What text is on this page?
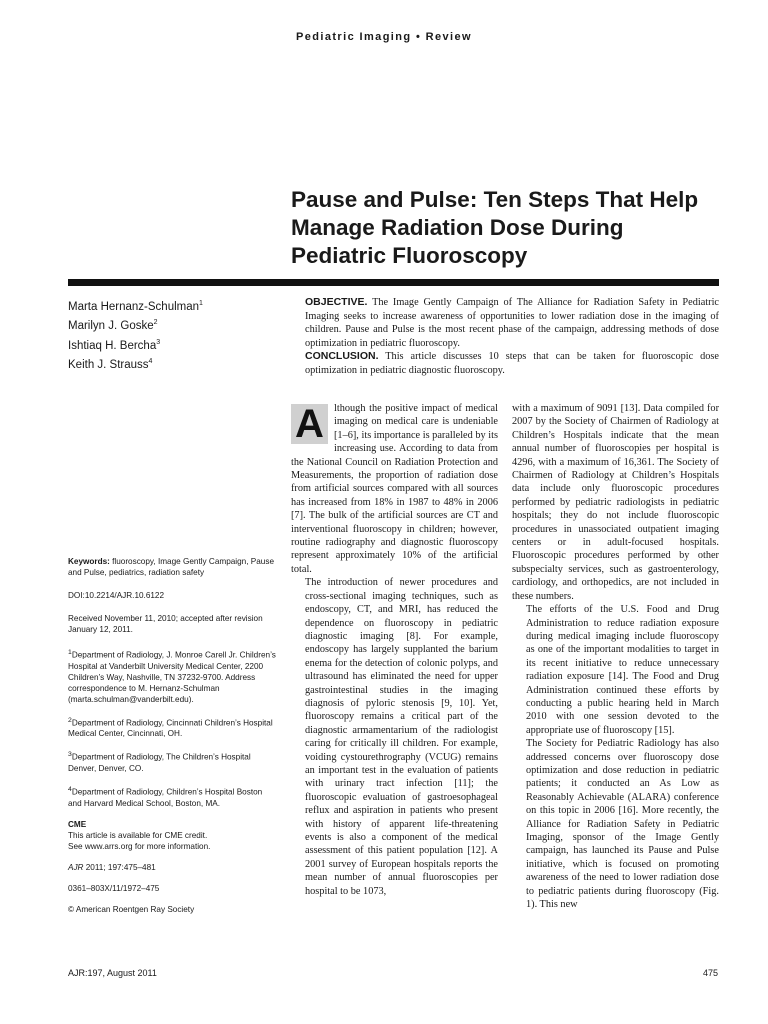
Pediatric Imaging • Review
Pause and Pulse: Ten Steps That Help Manage Radiation Dose During Pediatric Fluoroscopy
Marta Hernanz-Schulman$^1$
Marilyn J. Goske$^2$
Ishtiaq H. Bercha$^3$
Keith J. Strauss$^4$

OBJECTIVE. The Image Gently Campaign of The Alliance for Radiation Safety in Pediatric Imaging seeks to increase awareness of opportunities to lower radiation dose in the imaging of children. Pause and Pulse is the most recent phase of the campaign, addressing methods of dose optimization in pediatric fluoroscopy.

CONCLUSION. This article discusses 10 steps that can be taken for fluoroscopic dose optimization in pediatric diagnostic fluoroscopy.

Keywords: fluoroscopy, Image Gently Campaign, Pause and Pulse, pediatrics, radiation safety

DOI:10.2214/AJR.10.6122

Received November 11, 2010; accepted after revision January 12, 2011.

$^1$Department of Radiology, J. Monroe Carell Jr. Children’s Hospital at Vanderbilt University Medical Center, 2200 Children’s Way, Nashville, TN 37232-9700. Address correspondence to M. Hernanz-Schulman (marta.schulman@vanderbilt.edu).

$^2$Department of Radiology, Cincinnati Children’s Hospital Medical Center, Cincinnati, OH.

$^3$Department of Radiology, The Children’s Hospital Denver, Denver, CO.

$^4$Department of Radiology, Children’s Hospital Boston and Harvard Medical School, Boston, MA.

CME

This article is available for CME credit.

See www.arrs.org for more information.

AJR 2011; 197:475–481

0361–803X/11/1972–475

© American Roentgen Ray Society

A lthough the positive impact of medical imaging on medical care is undeniable [1–6], its importance is paralleled by its increasing use. According to data from the National Council on Radiation Protection and Measurements, the proportion of radiation dose from artificial sources compared with all sources has increased from 18% in 1987 to 48% in 2006 [7]. The bulk of the artificial sources are CT and interventional fluoroscopy in children; however, routine radiography and diagnostic fluoroscopy represent approximately 10% of the artificial total.

The introduction of newer procedures and cross-sectional imaging techniques, such as endoscopy, CT, and MRI, has reduced the dependence on fluoroscopy in pediatric diagnostic imaging [8]. For example, endoscopy has largely supplanted the barium enema for the detection of colonic polyps, and ultrasound has eliminated the need for upper gastrointestinal studies in the imaging diagnosis of pyloric stenosis [9, 10]. Yet, fluoroscopy remains a critical part of the diagnostic armamentarium of the radiologist caring for critically ill children. For example, voiding cystourethrography (VCUG) remains an important test in the evaluation of patients with urinary tract infection [11]; the fluoroscopic evaluation of gastroesophageal reflux and aspiration in patients who present with history of apparent life-threatening events is also a component of the medical assessment of this patient population [12]. A 2001 survey of European hospitals reports the mean number of annual fluoroscopies per hospital to be 1073,

with a maximum of 9091 [13]. Data compiled for 2007 by the Society of Chairmen of Radiology at Children’s Hospitals indicate that the mean annual number of fluoroscopies per hospital is 4296, with a maximum of 16,361. The Society of Chairmen of Radiology at Children’s Hospitals data include only fluoroscopic procedures performed by pediatric radiologists in pediatric hospitals; they do not include fluoroscopic procedures in unassociated outpatient imaging centers or in adult-focused hospitals. Fluoroscopic procedures performed by other subspecialty services, such as gastroenterology, cardiology, and orthopedics, are not included in these numbers.

The efforts of the U.S. Food and Drug Administration to reduce radiation exposure during medical imaging include fluoroscopy as one of the important modalities to target in its recent initiative to reduce unnecessary radiation exposure [14]. The Food and Drug Administration continued these efforts by conducting a public hearing held in March 2010 with one session devoted to the appropriate use of fluoroscopy [15].

The Society for Pediatric Radiology has also addressed concerns over fluoroscopy dose optimization and dose reduction in pediatric patients; it conducted an As Low as Reasonably Achievable (ALARA) conference on this topic in 2006 [16]. More recently, the Alliance for Radiation Safety in Pediatric Imaging, sponsor of the Image Gently campaign, has launched its Pause and Pulse initiative, which is focused on promoting awareness of the need to lower radiation dose to pediatric patients during fluoroscopy (Fig. 1). This new

AJR:197, August 2011	475
